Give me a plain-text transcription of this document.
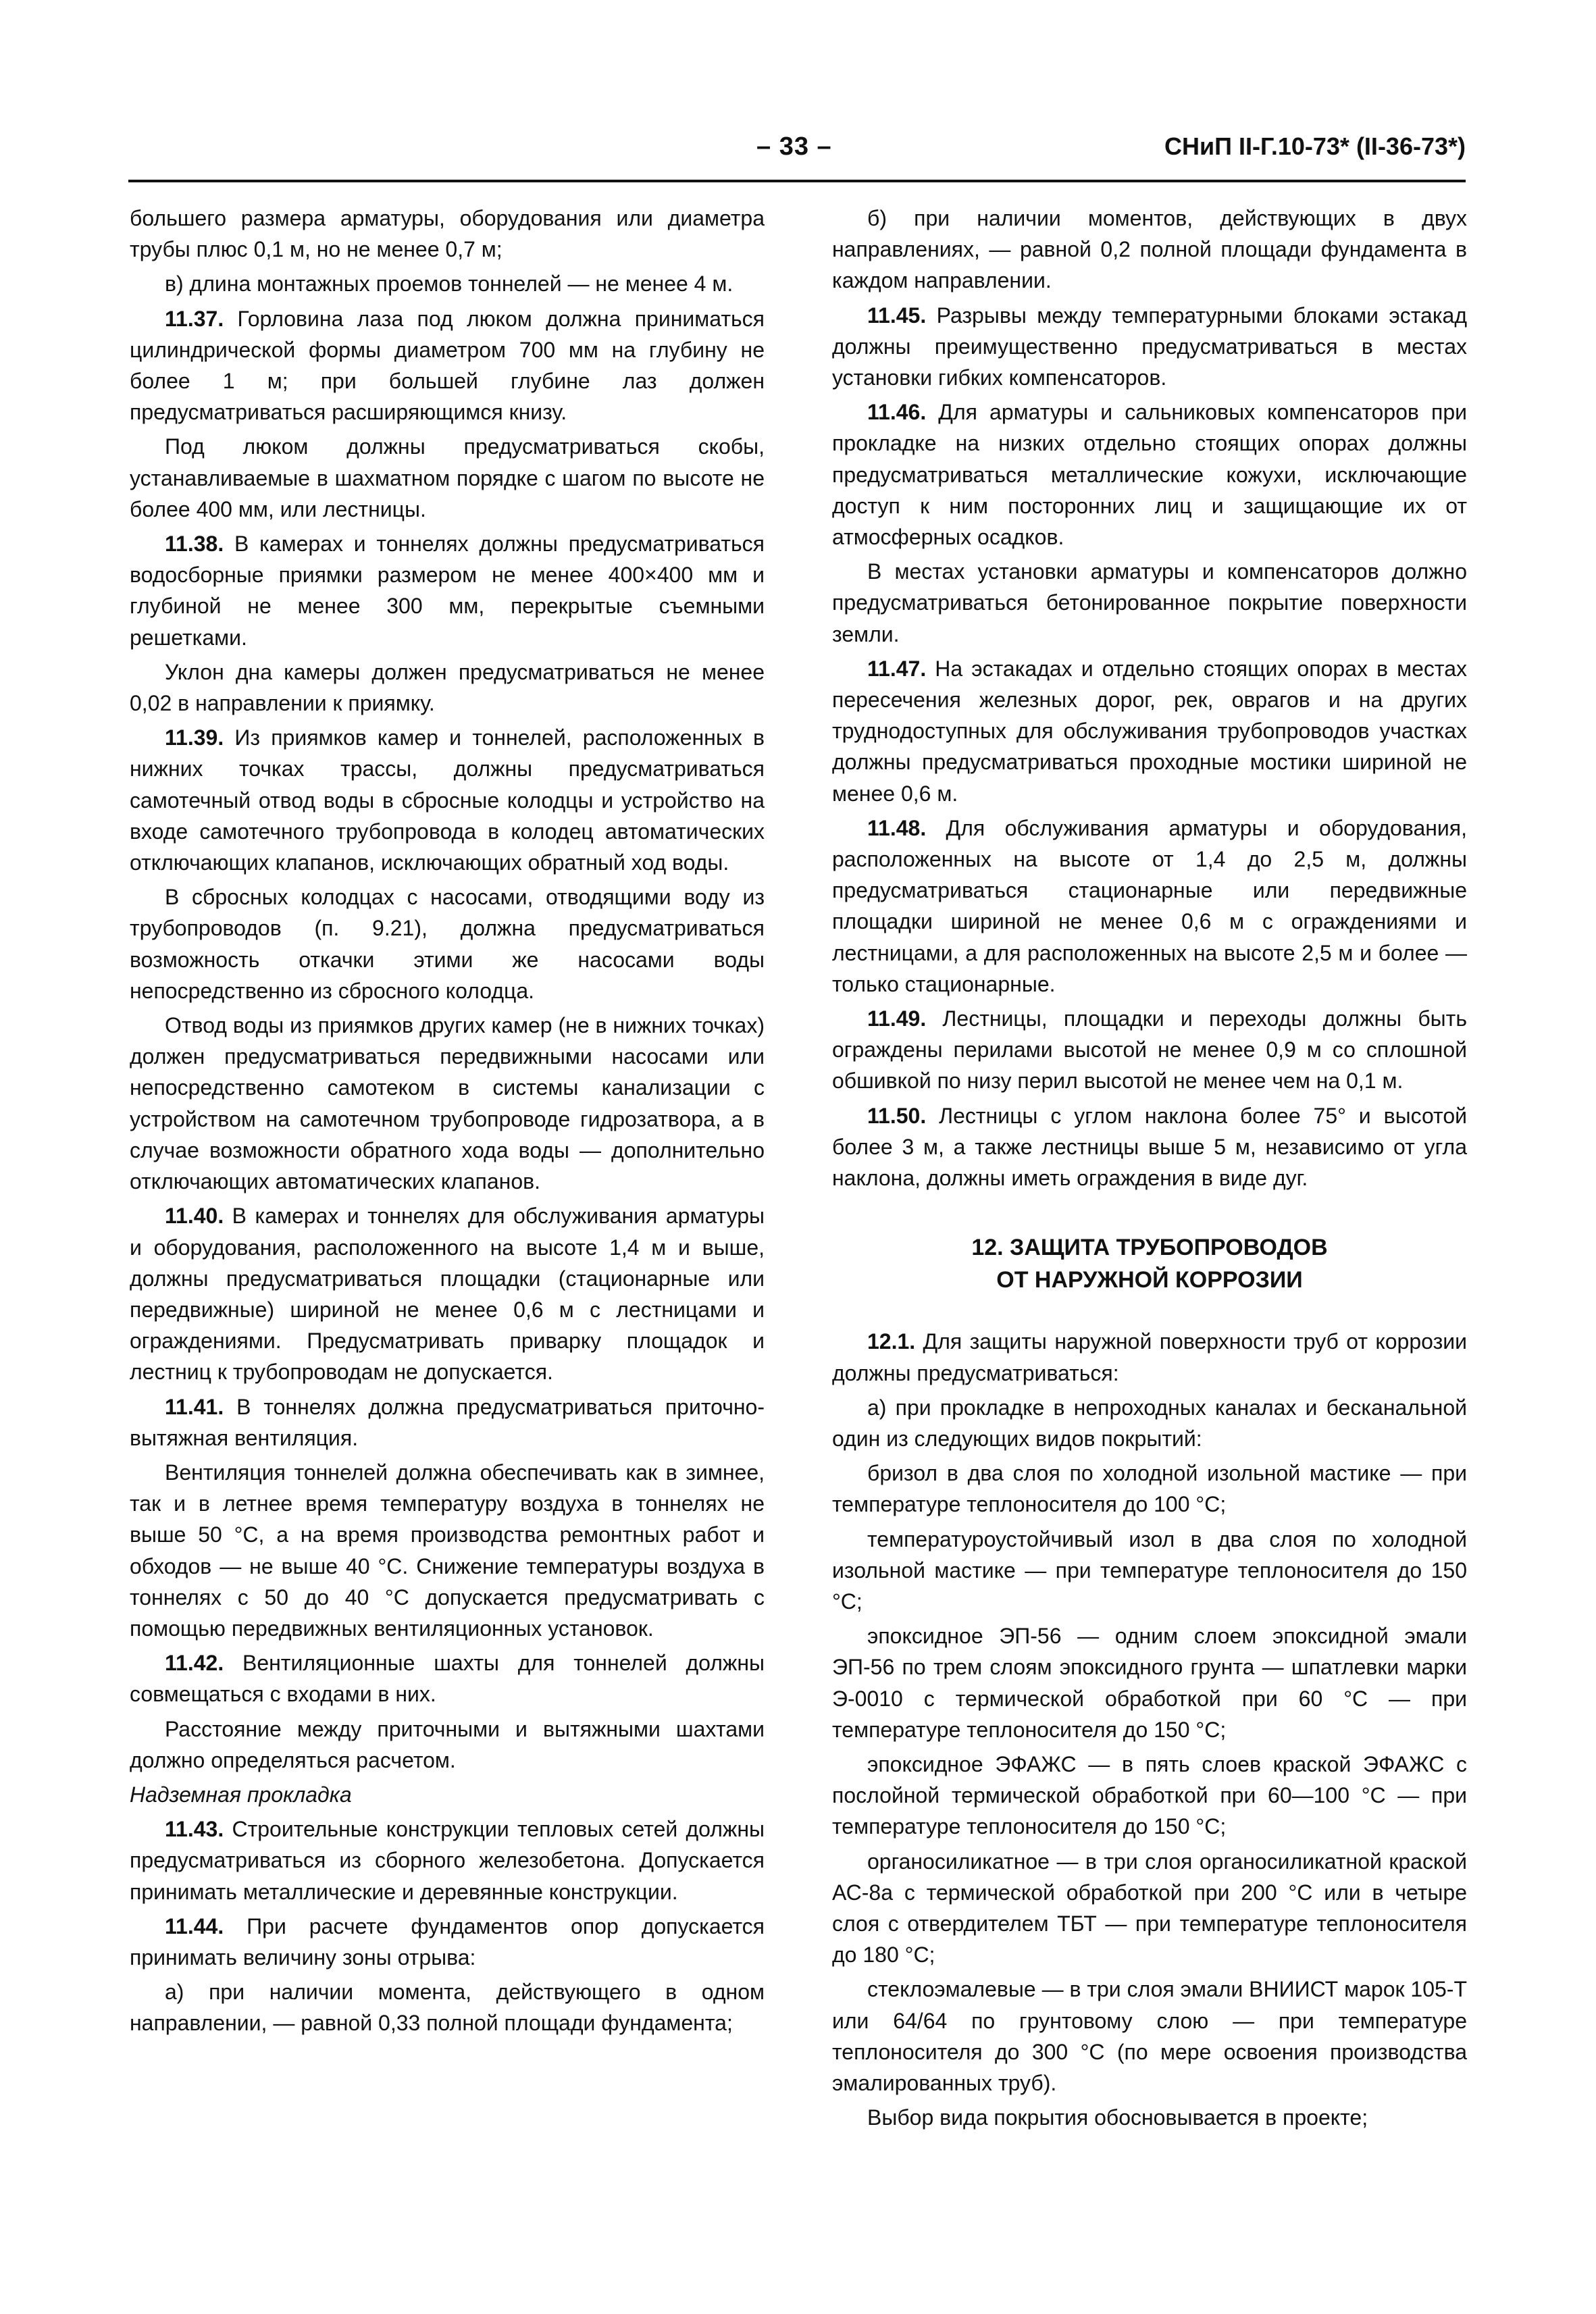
– 33 –	СНиП II-Г.10-73* (II-36-73*)

большего размера арматуры, оборудования или диаметра трубы плюс 0,1 м, но не менее 0,7 м;

в) длина монтажных проемов тоннелей — не менее 4 м.

11.37. Горловина лаза под люком должна приниматься цилиндрической формы диаметром 700 мм на глубину не более 1 м; при большей глубине лаз должен предусматриваться расширяющимся книзу.

Под люком должны предусматриваться скобы, устанавливаемые в шахматном порядке с шагом по высоте не более 400 мм, или лестницы.

11.38. В камерах и тоннелях должны предусматриваться водосборные приямки размером не менее 400×400 мм и глубиной не менее 300 мм, перекрытые съемными решетками.

Уклон дна камеры должен предусматриваться не менее 0,02 в направлении к приямку.

11.39. Из приямков камер и тоннелей, расположенных в нижних точках трассы, должны предусматриваться самотечный отвод воды в сбросные колодцы и устройство на входе самотечного трубопровода в колодец автоматических отключающих клапанов, исключающих обратный ход воды.

В сбросных колодцах с насосами, отводящими воду из трубопроводов (п. 9.21), должна предусматриваться возможность откачки этими же насосами воды непосредственно из сбросного колодца.

Отвод воды из приямков других камер (не в нижних точках) должен предусматриваться передвижными насосами или непосредственно самотеком в системы канализации с устройством на самотечном трубопроводе гидрозатвора, а в случае возможности обратного хода воды — дополнительно отключающих автоматических клапанов.

11.40. В камерах и тоннелях для обслуживания арматуры и оборудования, расположенного на высоте 1,4 м и выше, должны предусматриваться площадки (стационарные или передвижные) шириной не менее 0,6 м с лестницами и ограждениями. Предусматривать приварку площадок и лестниц к трубопроводам не допускается.

11.41. В тоннелях должна предусматриваться приточно-вытяжная вентиляция.

Вентиляция тоннелей должна обеспечивать как в зимнее, так и в летнее время температуру воздуха в тоннелях не выше 50 °С, а на время производства ремонтных работ и обходов — не выше 40 °С. Снижение температуры воздуха в тоннелях с 50 до 40 °С допускается предусматривать с помощью передвижных вентиляционных установок.

11.42. Вентиляционные шахты для тоннелей должны совмещаться с входами в них.

Расстояние между приточными и вытяжными шахтами должно определяться расчетом.

Надземная прокладка

11.43. Строительные конструкции тепловых сетей должны предусматриваться из сборного железобетона. Допускается принимать металлические и деревянные конструкции.

11.44. При расчете фундаментов опор допускается принимать величину зоны отрыва:

а) при наличии момента, действующего в одном направлении, — равной 0,33 полной площади фундамента;

б) при наличии моментов, действующих в двух направлениях, — равной 0,2 полной площади фундамента в каждом направлении.

11.45. Разрывы между температурными блоками эстакад должны преимущественно предусматриваться в местах установки гибких компенсаторов.

11.46. Для арматуры и сальниковых компенсаторов при прокладке на низких отдельно стоящих опорах должны предусматриваться металлические кожухи, исключающие доступ к ним посторонних лиц и защищающие их от атмосферных осадков.

В местах установки арматуры и компенсаторов должно предусматриваться бетонированное покрытие поверхности земли.

11.47. На эстакадах и отдельно стоящих опорах в местах пересечения железных дорог, рек, оврагов и на других труднодоступных для обслуживания трубопроводов участках должны предусматриваться проходные мостики шириной не менее 0,6 м.

11.48. Для обслуживания арматуры и оборудования, расположенных на высоте от 1,4 до 2,5 м, должны предусматриваться стационарные или передвижные площадки шириной не менее 0,6 м с ограждениями и лестницами, а для расположенных на высоте 2,5 м и более — только стационарные.

11.49. Лестницы, площадки и переходы должны быть ограждены перилами высотой не менее 0,9 м со сплошной обшивкой по низу перил высотой не менее чем на 0,1 м.

11.50. Лестницы с углом наклона более 75° и высотой более 3 м, а также лестницы выше 5 м, независимо от угла наклона, должны иметь ограждения в виде дуг.

12. ЗАЩИТА ТРУБОПРОВОДОВ
ОТ НАРУЖНОЙ КОРРОЗИИ

12.1. Для защиты наружной поверхности труб от коррозии должны предусматриваться:

а) при прокладке в непроходных каналах и бесканальной один из следующих видов покрытий:

бризол в два слоя по холодной изольной мастике — при температуре теплоносителя до 100 °С;

температуроустойчивый изол в два слоя по холодной изольной мастике — при температуре теплоносителя до 150 °С;

эпоксидное ЭП-56 — одним слоем эпоксидной эмали ЭП-56 по трем слоям эпоксидного грунта — шпатлевки марки Э-0010 с термической обработкой при 60 °С — при температуре теплоносителя до 150 °С;

эпоксидное ЭФАЖС — в пять слоев краской ЭФАЖС с послойной термической обработкой при 60—100 °С — при температуре теплоносителя до 150 °С;

органосиликатное — в три слоя органосиликатной краской АС-8а с термической обработкой при 200 °С или в четыре слоя с отвердителем ТБТ — при температуре теплоносителя до 180 °С;

стеклоэмалевые — в три слоя эмали ВНИИСТ марок 105-Т или 64/64 по грунтовому слою — при температуре теплоносителя до 300 °С (по мере освоения производства эмалированных труб).

Выбор вида покрытия обосновывается в проекте;
